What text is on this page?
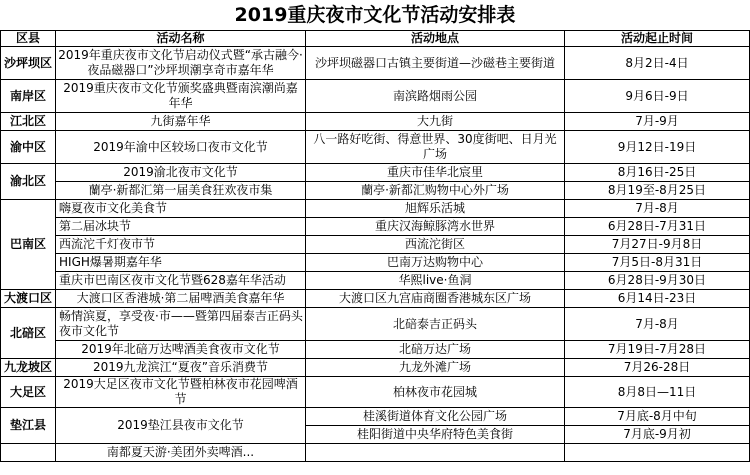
2019重庆夜市文化节活动安排表
区县	活动名称	活动地点	活动起止时间
沙坪坝区	2019年重庆夜市文化节启动仪式暨“承古融今·夜品磁器口”沙坪坝潮享奇市嘉年华	沙坪坝磁器口古镇主要街道—沙磁巷主要街道	8月2日-4日
南岸区	2019重庆夜市文化节颁奖盛典暨南滨潮尚嘉年华	南滨路烟雨公园	9月6日-9日
江北区	九街嘉年华	大九街	7月-9月
渝中区	2019年渝中区较场口夜市文化节	八一路好吃街、得意世界、30度街吧、日月光广场	9月12日-19日
渝北区	2019渝北夜市文化节	重庆市佳华北宸里	8月16日-25日
	蘭亭·新都汇第一届美食狂欢夜市集	蘭亭·新都汇购物中心外广场	8月19至-8月25日
巴南区	嗨夏夜市文化美食节	旭辉乐活城	7月-8月
	第二届冰块节	重庆汉海鲸豚湾水世界	6月28日-7月31日
	西流沱千灯夜市节	西流沱街区	7月27日-9月8日
	HIGH爆暑期嘉年华	巴南万达购物中心	7月5日-8月31日
	重庆市巴南区夜市文化节暨628嘉年华活动	华熙live·鱼洞	6月28日-9月30日
大渡口区	大渡口区香港城·第二届啤酒美食嘉年华	大渡口区九宫庙商圈香港城东区广场	6月14日-23日
北碚区	畅情滨夏，享受夜·市——暨第四届泰吉正码头夜市文化节	北碚泰吉正码头	7月-8月
	2019年北碚万达啤酒美食夜市文化节	北碚万达广场	7月19日-7月28日
九龙坡区	2019九龙滨江“夏夜”音乐消费节	九龙外滩广场	7月26-28日
大足区	2019大足区夜市文化节暨柏林夜市花园啤酒节	柏林夜市花园城	8月8日—11日
垫江县	2019垫江县夜市文化节	桂溪街道体育文化公园广场	7月底-8月中旬
		桂阳街道中央华府特色美食街	7月底-9月初
	南都夏天游·美团外卖啤酒...		
